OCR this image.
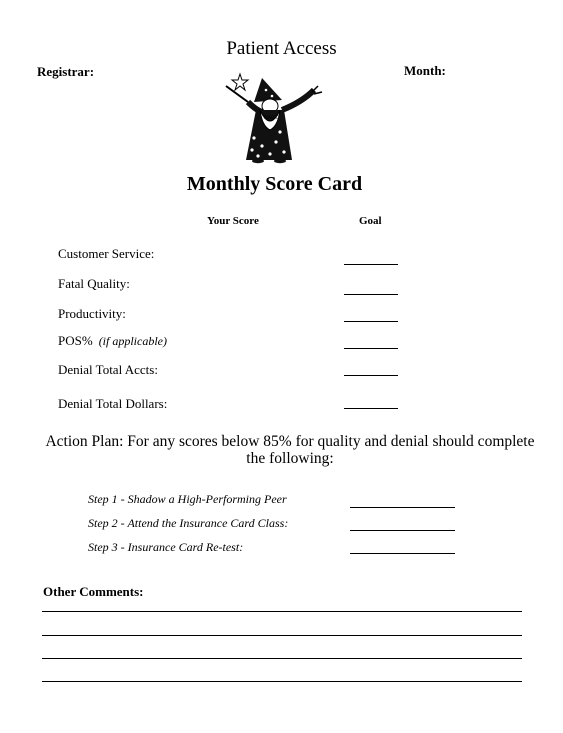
Patient Access
Registrar:	Month:
MAGIC
Monthly Score Card
Your Score	Goal
Customer Service:
Fatal Quality:
Productivity:
POS% (if applicable)
Denial Total Accts:
Denial Total Dollars:
Action Plan: For any scores below 85% for quality and denial should complete the following:
Step 1 - Shadow a High-Performing Peer
Step 2 - Attend the Insurance Card Class:
Step 3 - Insurance Card Re-test:
Other Comments:
